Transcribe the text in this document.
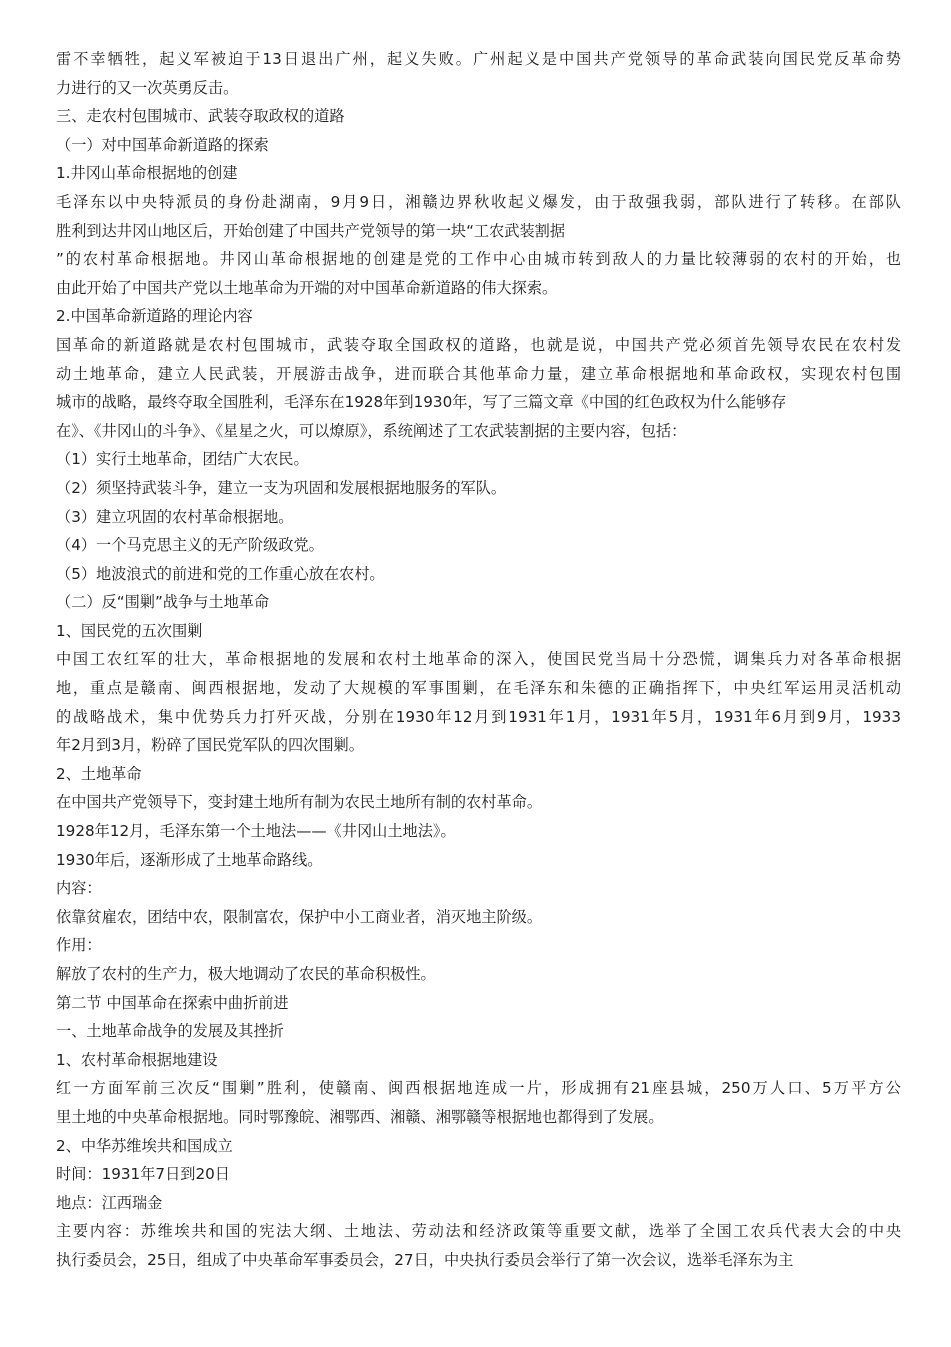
雷不幸牺牲，起义军被迫于13日退出广州，起义失败。广州起义是中国共产党领导的革命武装向国民党反革命势
力进行的又一次英勇反击。
三、走农村包围城市、武装夺取政权的道路
（一）对中国革命新道路的探索
1.井冈山革命根据地的创建
毛泽东以中央特派员的身份赴湖南，9月9日，湘赣边界秋收起义爆发，由于敌强我弱，部队进行了转移。在部队
胜利到达井冈山地区后，开始创建了中国共产党领导的第一块“工农武装割据
”的农村革命根据地。井冈山革命根据地的创建是党的工作中心由城市转到敌人的力量比较薄弱的农村的开始，也
由此开始了中国共产党以土地革命为开端的对中国革命新道路的伟大探索。
2.中国革命新道路的理论内容
国革命的新道路就是农村包围城市，武装夺取全国政权的道路，也就是说，中国共产党必须首先领导农民在农村发
动土地革命，建立人民武装，开展游击战争，进而联合其他革命力量，建立革命根据地和革命政权，实现农村包围
城市的战略，最终夺取全国胜利，毛泽东在1928年到1930年，写了三篇文章《中国的红色政权为什么能够存
在》、《井冈山的斗争》、《星星之火，可以燎原》，系统阐述了工农武装割据的主要内容，包括：
（1）实行土地革命，团结广大农民。
（2）须坚持武装斗争，建立一支为巩固和发展根据地服务的军队。
（3）建立巩固的农村革命根据地。
（4）一个马克思主义的无产阶级政党。
（5）地波浪式的前进和党的工作重心放在农村。
（二）反“围剿”战争与土地革命
1、国民党的五次围剿
中国工农红军的壮大，革命根据地的发展和农村土地革命的深入，使国民党当局十分恐慌，调集兵力对各革命根据
地，重点是赣南、闽西根据地，发动了大规模的军事围剿，在毛泽东和朱德的正确指挥下，中央红军运用灵活机动
的战略战术，集中优势兵力打歼灭战，分别在1930年12月到1931年1月，1931年5月，1931年6月到9月，1933
年2月到3月，粉碎了国民党军队的四次围剿。
2、土地革命
在中国共产党领导下，变封建土地所有制为农民土地所有制的农村革命。
1928年12月，毛泽东第一个土地法——《井冈山土地法》。
1930年后，逐渐形成了土地革命路线。
内容：
依靠贫雇农，团结中农，限制富农，保护中小工商业者，消灭地主阶级。
作用：
解放了农村的生产力，极大地调动了农民的革命积极性。
第二节 中国革命在探索中曲折前进
一、土地革命战争的发展及其挫折
1、农村革命根据地建设
红一方面军前三次反“围剿”胜利，使赣南、闽西根据地连成一片，形成拥有21座县城，250万人口、5万平方公
里土地的中央革命根据地。同时鄂豫皖、湘鄂西、湘赣、湘鄂赣等根据地也都得到了发展。
2、中华苏维埃共和国成立
时间：1931年7日到20日
地点：江西瑞金
主要内容：苏维埃共和国的宪法大纲、土地法、劳动法和经济政策等重要文献，选举了全国工农兵代表大会的中央
执行委员会，25日，组成了中央革命军事委员会，27日，中央执行委员会举行了第一次会议，选举毛泽东为主
